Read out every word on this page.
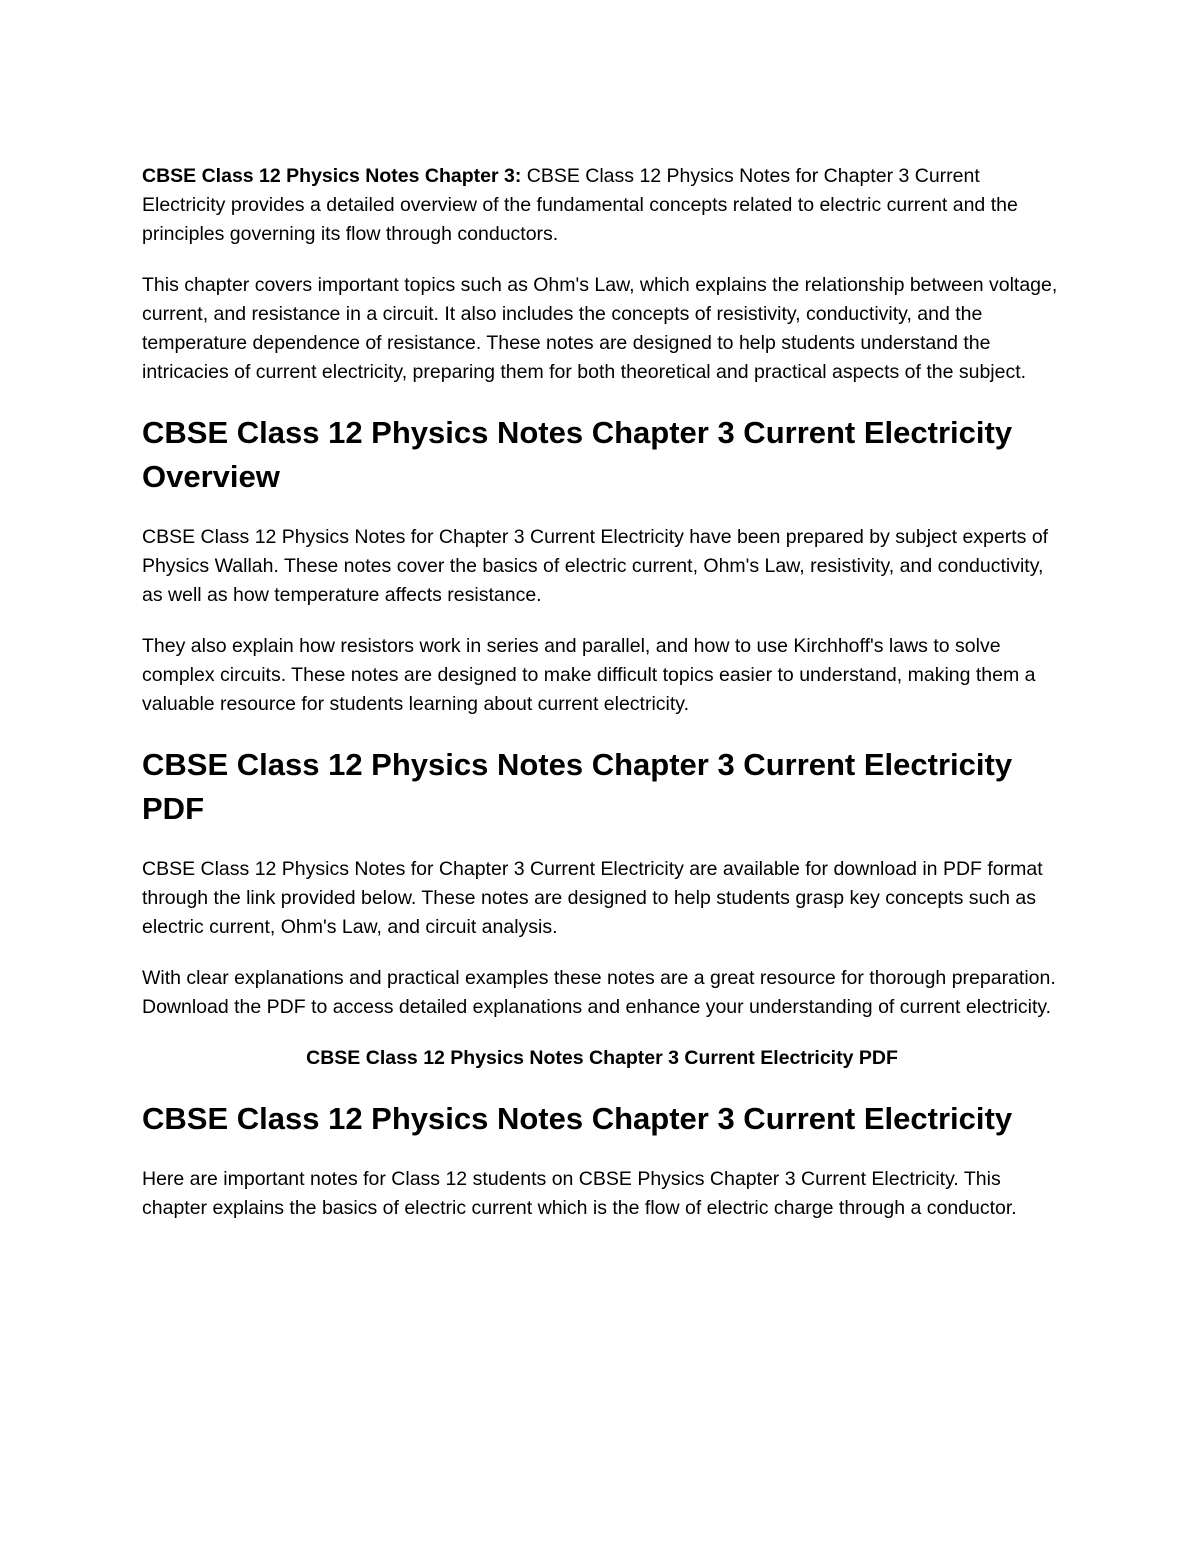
CBSE Class 12 Physics Notes Chapter 3: CBSE Class 12 Physics Notes for Chapter 3 Current Electricity provides a detailed overview of the fundamental concepts related to electric current and the principles governing its flow through conductors.

This chapter covers important topics such as Ohm's Law, which explains the relationship between voltage, current, and resistance in a circuit. It also includes the concepts of resistivity, conductivity, and the temperature dependence of resistance. These notes are designed to help students understand the intricacies of current electricity, preparing them for both theoretical and practical aspects of the subject.

CBSE Class 12 Physics Notes Chapter 3 Current Electricity Overview

CBSE Class 12 Physics Notes for Chapter 3 Current Electricity have been prepared by subject experts of Physics Wallah. These notes cover the basics of electric current, Ohm's Law, resistivity, and conductivity, as well as how temperature affects resistance.

They also explain how resistors work in series and parallel, and how to use Kirchhoff's laws to solve complex circuits. These notes are designed to make difficult topics easier to understand, making them a valuable resource for students learning about current electricity.

CBSE Class 12 Physics Notes Chapter 3 Current Electricity PDF

CBSE Class 12 Physics Notes for Chapter 3 Current Electricity are available for download in PDF format through the link provided below. These notes are designed to help students grasp key concepts such as electric current, Ohm's Law, and circuit analysis.

With clear explanations and practical examples these notes are a great resource for thorough preparation. Download the PDF to access detailed explanations and enhance your understanding of current electricity.

CBSE Class 12 Physics Notes Chapter 3 Current Electricity PDF

CBSE Class 12 Physics Notes Chapter 3 Current Electricity

Here are important notes for Class 12 students on CBSE Physics Chapter 3 Current Electricity. This chapter explains the basics of electric current which is the flow of electric charge through a conductor.
